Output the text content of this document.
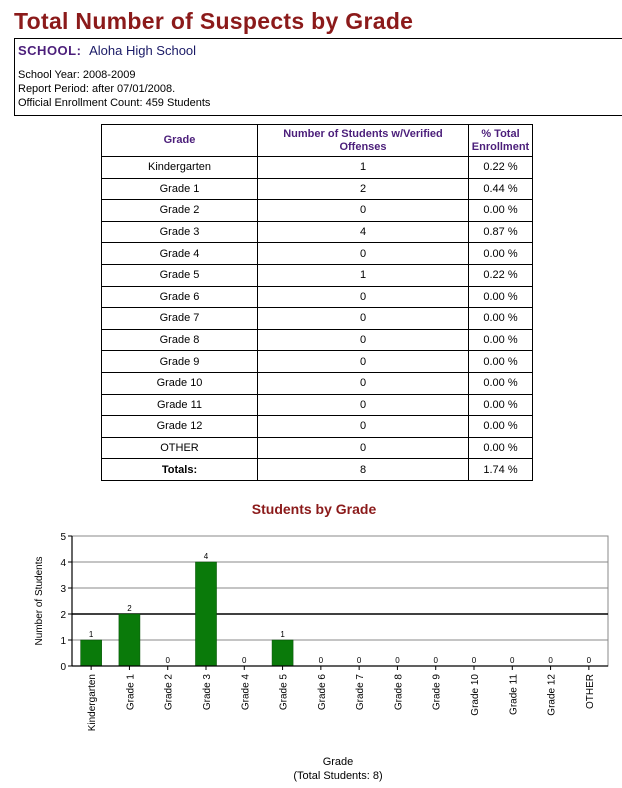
Total Number of Suspects by Grade
SCHOOL: Aloha High School
School Year: 2008-2009
Report Period: after 07/01/2008.
Official Enrollment Count: 459 Students
Grade	Number of Students w/Verified Offenses	% Total Enrollment
Kindergarten	1	0.22 %
Grade 1	2	0.44 %
Grade 2	0	0.00 %
Grade 3	4	0.87 %
Grade 4	0	0.00 %
Grade 5	1	0.22 %
Grade 6	0	0.00 %
Grade 7	0	0.00 %
Grade 8	0	0.00 %
Grade 9	0	0.00 %
Grade 10	0	0.00 %
Grade 11	0	0.00 %
Grade 12	0	0.00 %
OTHER	0	0.00 %
Totals:	8	1.74 %
Students by Grade
0
1
2
3
4
5
1
Kindergarten
2
Grade 1
0
Grade 2
4
Grade 3
0
Grade 4
1
Grade 5
0
Grade 6
0
Grade 7
0
Grade 8
0
Grade 9
0
Grade 10
0
Grade 11
0
Grade 12
0
OTHER
Number of Students
Grade
(Total Students: 8)
